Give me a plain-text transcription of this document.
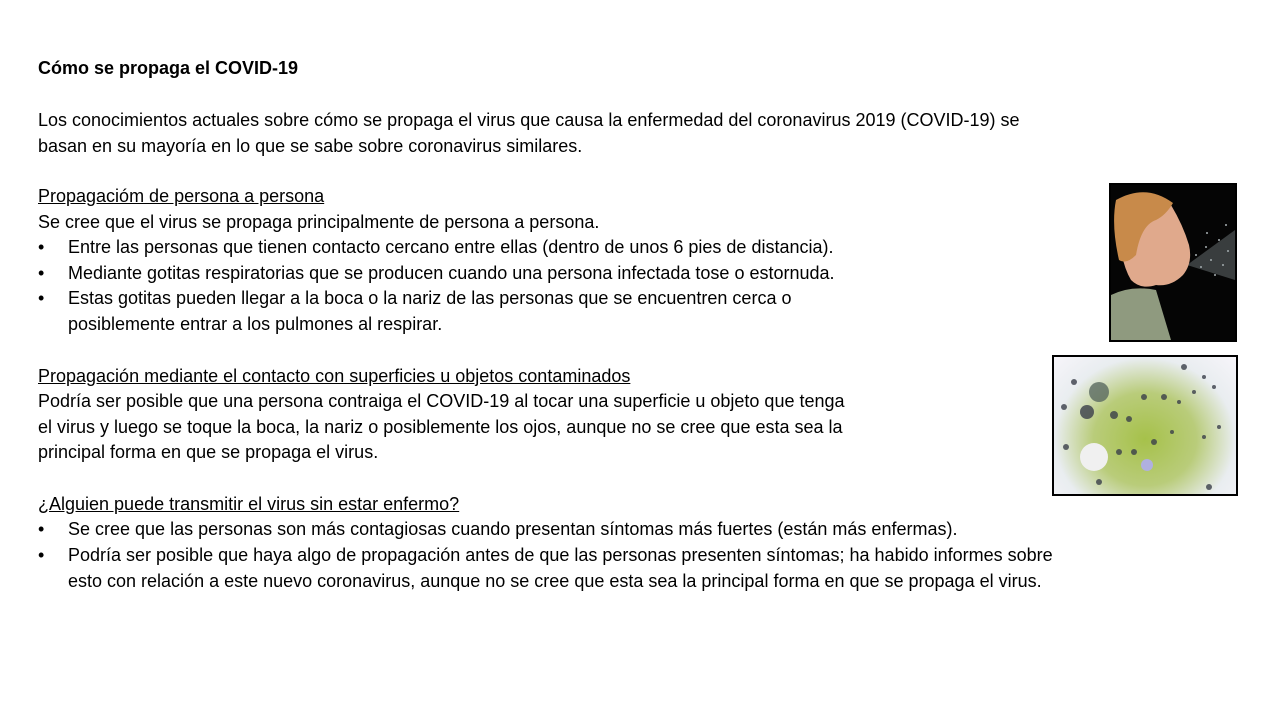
Cómo se propaga el COVID-19
Los conocimientos actuales sobre cómo se propaga el virus que causa la enfermedad del coronavirus 2019 (COVID-19) se
basan en su mayoría en lo que se sabe sobre coronavirus similares.
Propagacióm de persona a persona
Se cree que el virus se propaga principalmente de persona a persona.
• Entre las personas que tienen contacto cercano entre ellas (dentro de unos 6 pies de distancia).
• Mediante gotitas respiratorias que se producen cuando una persona infectada tose o estornuda.
• Estas gotitas pueden llegar a la boca o la nariz de las personas que se encuentren cerca o
posiblemente entrar a los pulmones al respirar.
Propagación mediante el contacto con superficies u objetos contaminados
Podría ser posible que una persona contraiga el COVID-19 al tocar una superficie u objeto que tenga
el virus y luego se toque la boca, la nariz o posiblemente los ojos, aunque no se cree que esta sea la
principal forma en que se propaga el virus.
¿Alguien puede transmitir el virus sin estar enfermo?
• Se cree que las personas son más contagiosas cuando presentan síntomas más fuertes (están más enfermas).
• Podría ser posible que haya algo de propagación antes de que las personas presenten síntomas; ha habido informes sobre
esto con relación a este nuevo coronavirus, aunque no se cree que esta sea la principal forma en que se propaga el virus.
